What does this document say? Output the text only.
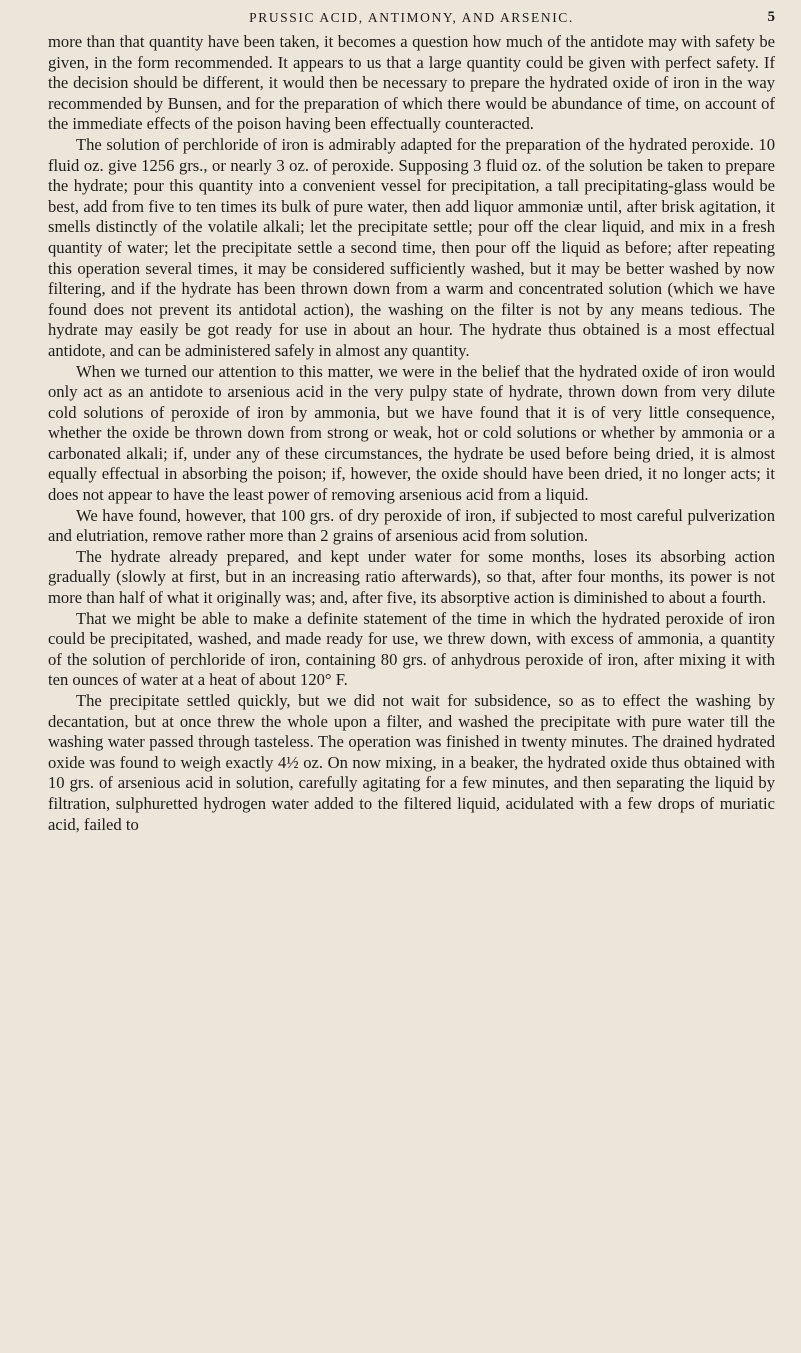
PRUSSIC ACID, ANTIMONY, AND ARSENIC.	5

more than that quantity have been taken, it becomes a question how much of the antidote may with safety be given, in the form recommended. It appears to us that a large quantity could be given with perfect safety. If the decision should be different, it would then be necessary to prepare the hydrated oxide of iron in the way recommended by Bunsen, and for the preparation of which there would be abundance of time, on account of the immediate effects of the poison having been effectually counteracted.

The solution of perchloride of iron is admirably adapted for the preparation of the hydrated peroxide. 10 fluid oz. give 1256 grs., or nearly 3 oz. of peroxide. Supposing 3 fluid oz. of the solution be taken to prepare the hydrate; pour this quantity into a convenient vessel for precipitation, a tall precipitating-glass would be best, add from five to ten times its bulk of pure water, then add liquor ammoniæ until, after brisk agitation, it smells distinctly of the volatile alkali; let the precipitate settle; pour off the clear liquid, and mix in a fresh quantity of water; let the precipitate settle a second time, then pour off the liquid as before; after repeating this operation several times, it may be considered sufficiently washed, but it may be better washed by now filtering, and if the hydrate has been thrown down from a warm and concentrated solution (which we have found does not prevent its antidotal action), the washing on the filter is not by any means tedious. The hydrate may easily be got ready for use in about an hour. The hydrate thus obtained is a most effectual antidote, and can be administered safely in almost any quantity.

When we turned our attention to this matter, we were in the belief that the hydrated oxide of iron would only act as an antidote to arsenious acid in the very pulpy state of hydrate, thrown down from very dilute cold solutions of peroxide of iron by ammonia, but we have found that it is of very little consequence, whether the oxide be thrown down from strong or weak, hot or cold solutions or whether by ammonia or a carbonated alkali; if, under any of these circumstances, the hydrate be used before being dried, it is almost equally effectual in absorbing the poison; if, however, the oxide should have been dried, it no longer acts; it does not appear to have the least power of removing arsenious acid from a liquid.

We have found, however, that 100 grs. of dry peroxide of iron, if subjected to most careful pulverization and elutriation, remove rather more than 2 grains of arsenious acid from solution.

The hydrate already prepared, and kept under water for some months, loses its absorbing action gradually (slowly at first, but in an increasing ratio afterwards), so that, after four months, its power is not more than half of what it originally was; and, after five, its absorptive action is diminished to about a fourth.

That we might be able to make a definite statement of the time in which the hydrated peroxide of iron could be precipitated, washed, and made ready for use, we threw down, with excess of ammonia, a quantity of the solution of perchloride of iron, containing 80 grs. of anhydrous peroxide of iron, after mixing it with ten ounces of water at a heat of about 120° F.

The precipitate settled quickly, but we did not wait for subsidence, so as to effect the washing by decantation, but at once threw the whole upon a filter, and washed the precipitate with pure water till the washing water passed through tasteless. The operation was finished in twenty minutes. The drained hydrated oxide was found to weigh exactly 4½ oz. On now mixing, in a beaker, the hydrated oxide thus obtained with 10 grs. of arsenious acid in solution, carefully agitating for a few minutes, and then separating the liquid by filtration, sulphuretted hydrogen water added to the filtered liquid, acidulated with a few drops of muriatic acid, failed to
